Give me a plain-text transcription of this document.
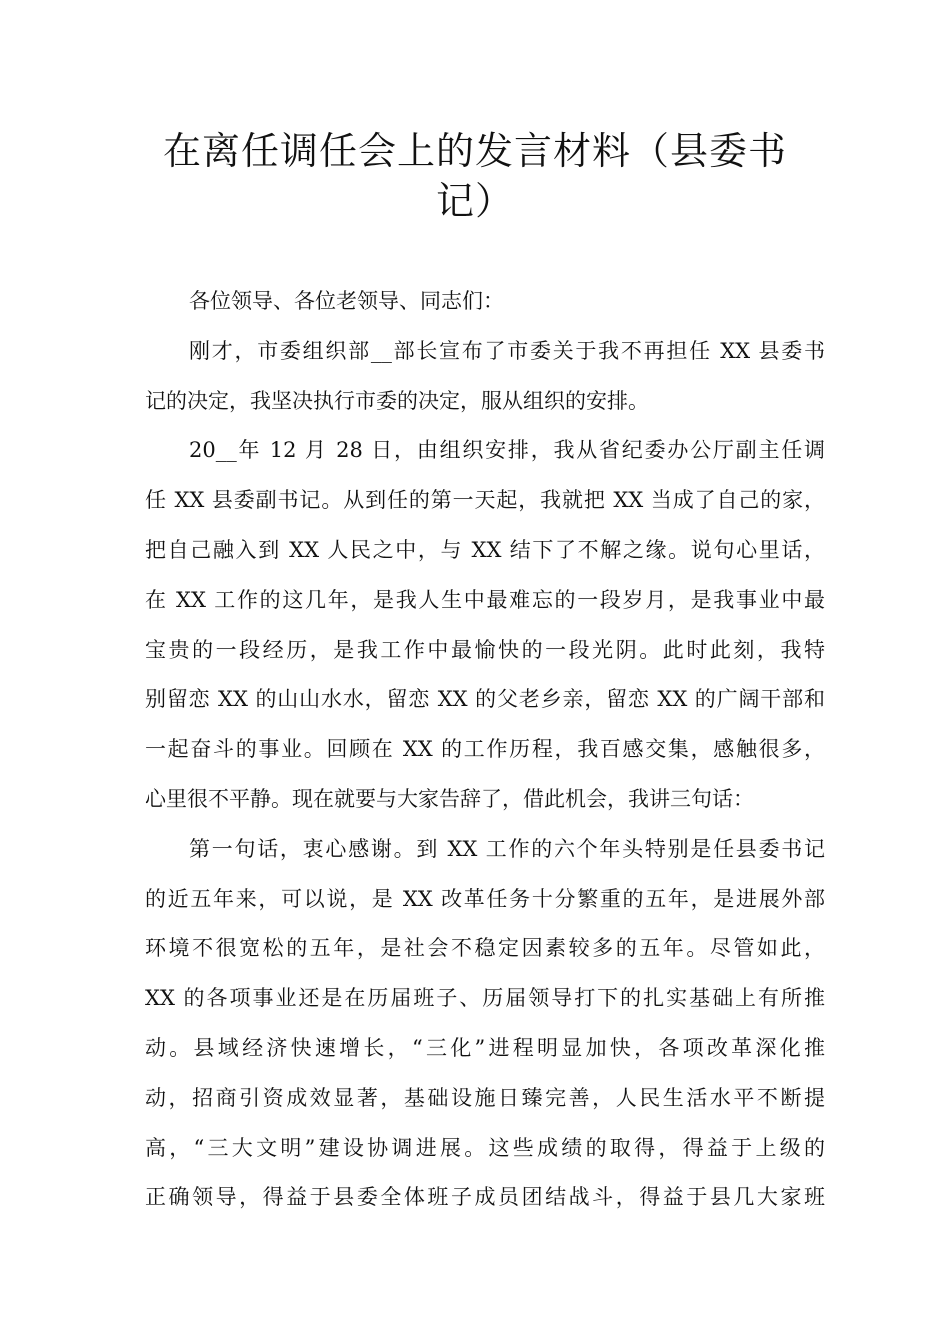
在离任调任会上的发言材料（县委书
记）
各位领导、各位老领导、同志们：
刚才，市委组织部__部长宣布了市委关于我不再担任 XX 县委书
记的决定，我坚决执行市委的决定，服从组织的安排。
20__年 12 月 28 日，由组织安排，我从省纪委办公厅副主任调
任 XX 县委副书记。从到任的第一天起，我就把 XX 当成了自己的家，
把自己融入到 XX 人民之中，与 XX 结下了不解之缘。说句心里话，
在 XX 工作的这几年，是我人生中最难忘的一段岁月，是我事业中最
宝贵的一段经历，是我工作中最愉快的一段光阴。此时此刻，我特
别留恋 XX 的山山水水，留恋 XX 的父老乡亲，留恋 XX 的广阔干部和
一起奋斗的事业。回顾在 XX 的工作历程，我百感交集，感触很多，
心里很不平静。现在就要与大家告辞了，借此机会，我讲三句话：
第一句话，衷心感谢。到 XX 工作的六个年头特别是任县委书记
的近五年来，可以说，是 XX 改革任务十分繁重的五年，是进展外部
环境不很宽松的五年，是社会不稳定因素较多的五年。尽管如此，
XX 的各项事业还是在历届班子、历届领导打下的扎实基础上有所推
动。县域经济快速增长，“三化”进程明显加快，各项改革深化推
动，招商引资成效显著，基础设施日臻完善，人民生活水平不断提
高，“三大文明”建设协调进展。这些成绩的取得，得益于上级的
正确领导，得益于县委全体班子成员团结战斗，得益于县几大家班
